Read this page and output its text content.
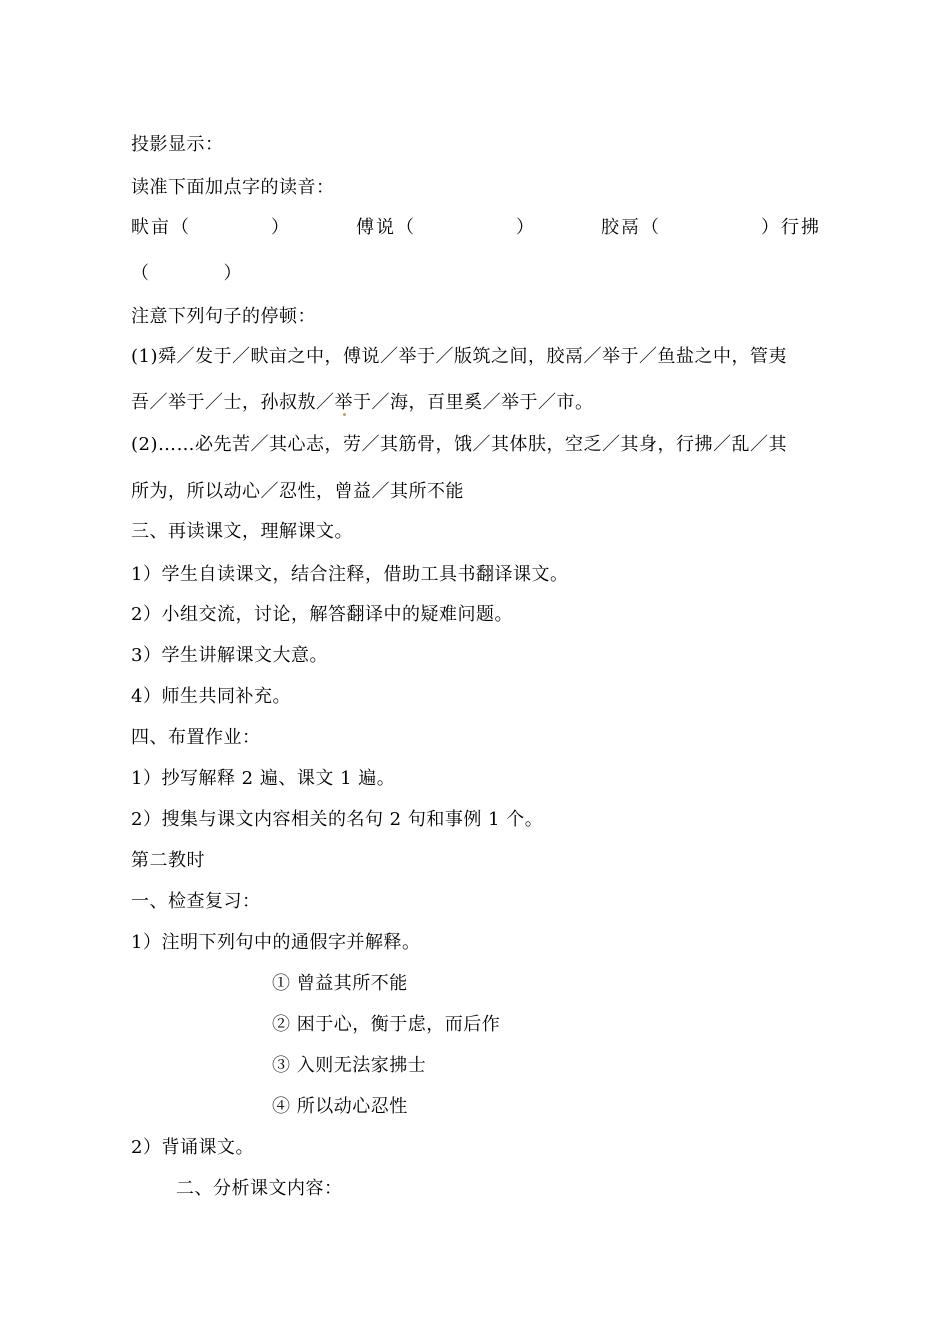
投影显示：
读准下面加点字的读音：
畎亩（　　　　）	傅说（　　　　　）	胶鬲（　　　　　）行拂
（　　　　）
注意下列句子的停顿：
(1)舜／发于／畎亩之中，傅说／举于／版筑之间，胶鬲／举于／鱼盐之中，管夷
吾／举于／士，孙叔敖／举于／海，百里奚／举于／市。
(2)……必先苦／其心志，劳／其筋骨，饿／其体肤，空乏／其身，行拂／乱／其
所为，所以动心／忍性，曾益／其所不能
三、再读课文，理解课文。
1）学生自读课文，结合注释，借助工具书翻译课文。
2）小组交流，讨论，解答翻译中的疑难问题。
3）学生讲解课文大意。
4）师生共同补充。
四、布置作业：
1）抄写解释 2 遍、课文 1 遍。
2）搜集与课文内容相关的名句 2 句和事例 1 个。
第二教时
一、检查复习：
1）注明下列句中的通假字并解释。
① 曾益其所不能
② 困于心，衡于虑，而后作
③ 入则无法家拂士
④ 所以动心忍性
2）背诵课文。
二、分析课文内容：
